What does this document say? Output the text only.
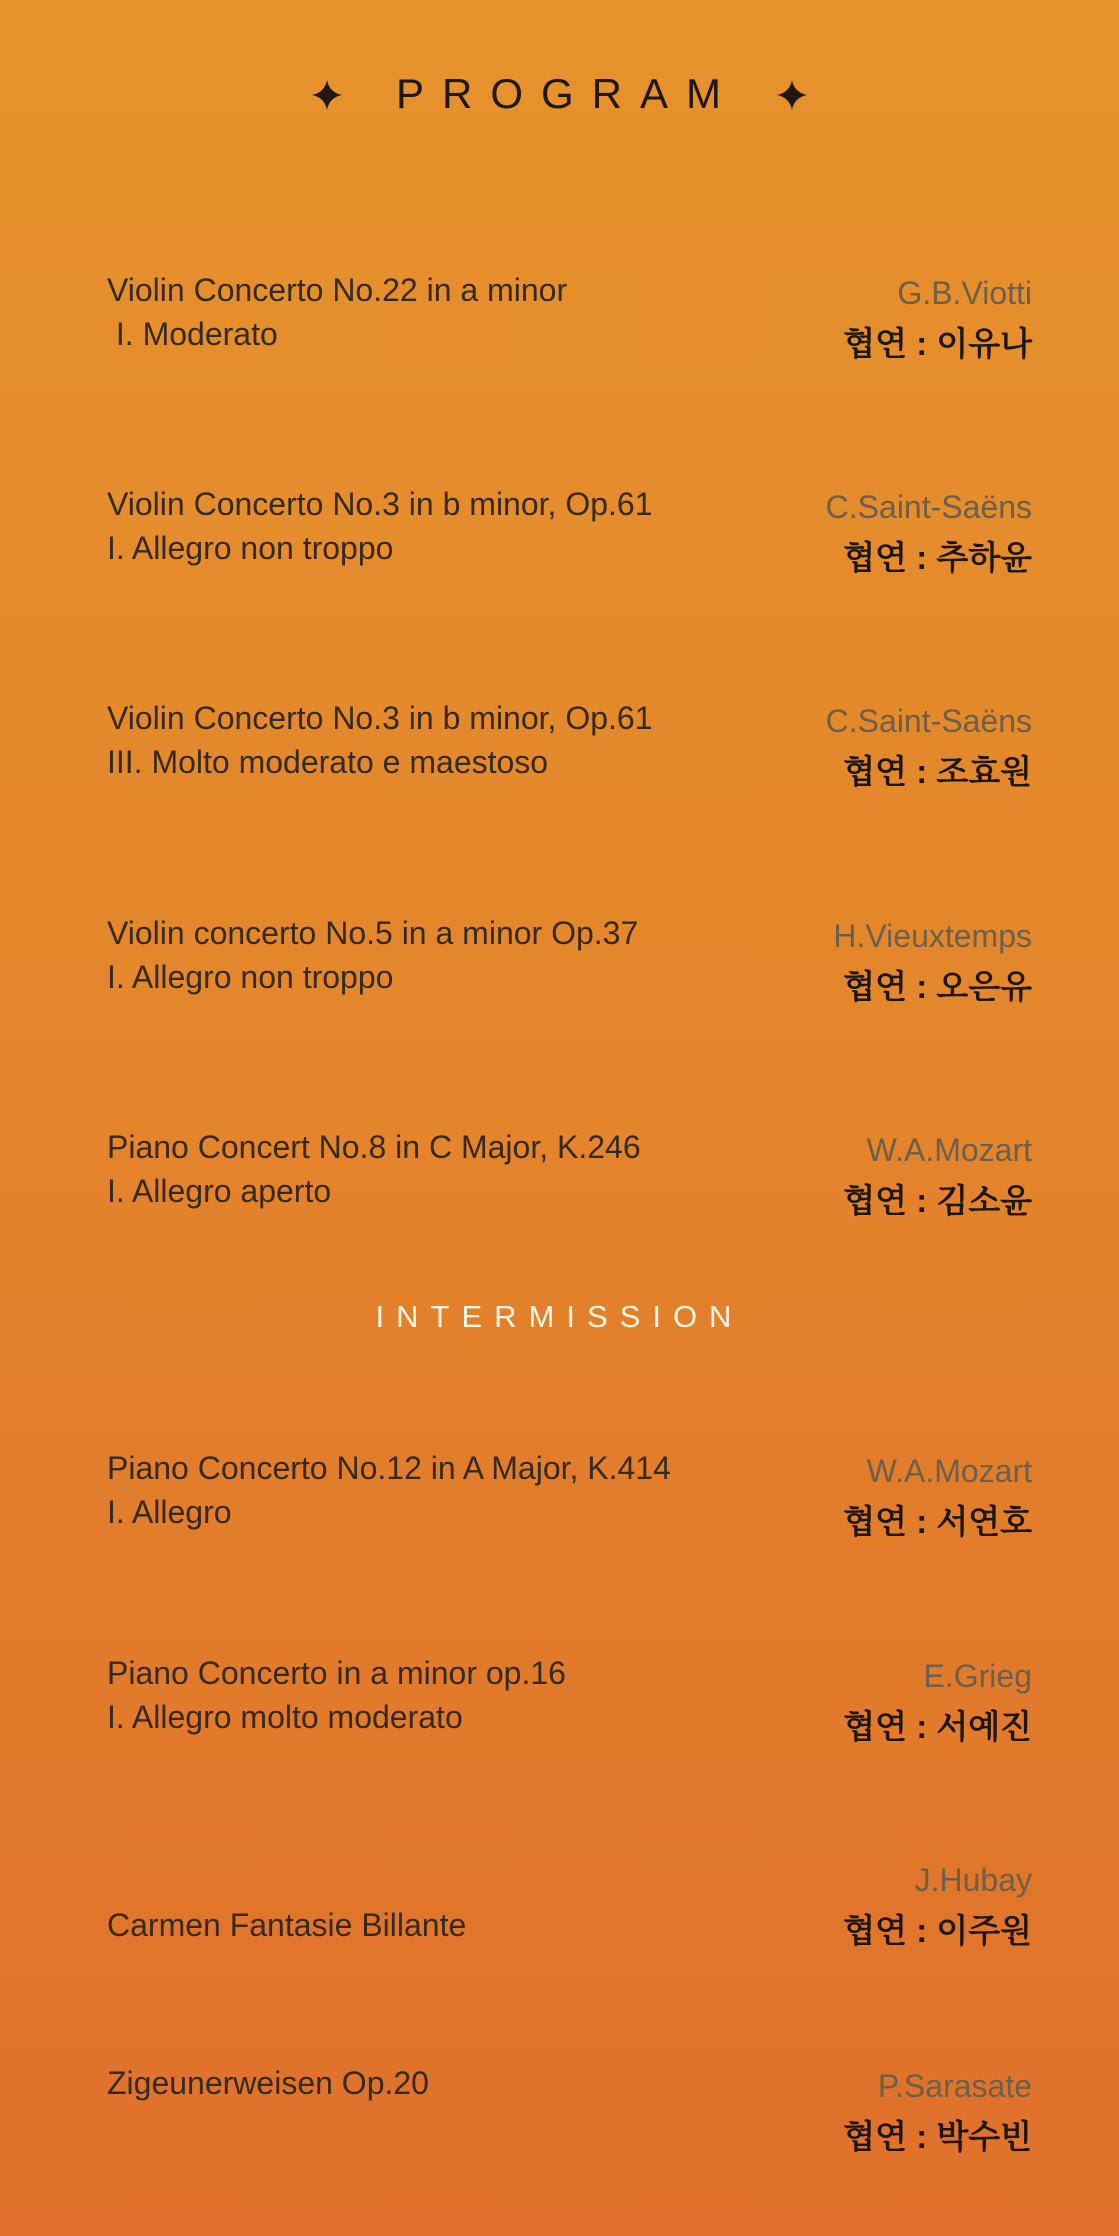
PROGRAM
Violin Concerto No.22 in a minor
I. Moderato
G.B.Viotti
협연 : 이유나
Violin Concerto No.3 in b minor, Op.61
I. Allegro non troppo
C.Saint-Saëns
협연 : 추하윤
Violin Concerto No.3 in b minor, Op.61
III. Molto moderato e maestoso
C.Saint-Saëns
협연 : 조효원
Violin concerto No.5 in a minor Op.37
I. Allegro non troppo
H.Vieuxtemps
협연 : 오은유
Piano Concert No.8 in C Major, K.246
I. Allegro aperto
W.A.Mozart
협연 : 김소윤
INTERMISSION
Piano Concerto No.12 in A Major, K.414
I. Allegro
W.A.Mozart
협연 : 서연호
Piano Concerto in a minor op.16
I. Allegro molto moderato
E.Grieg
협연 : 서예진
Carmen Fantasie Billante
J.Hubay
협연 : 이주원
Zigeunerweisen Op.20	P.Sarasate
협연 : 박수빈
